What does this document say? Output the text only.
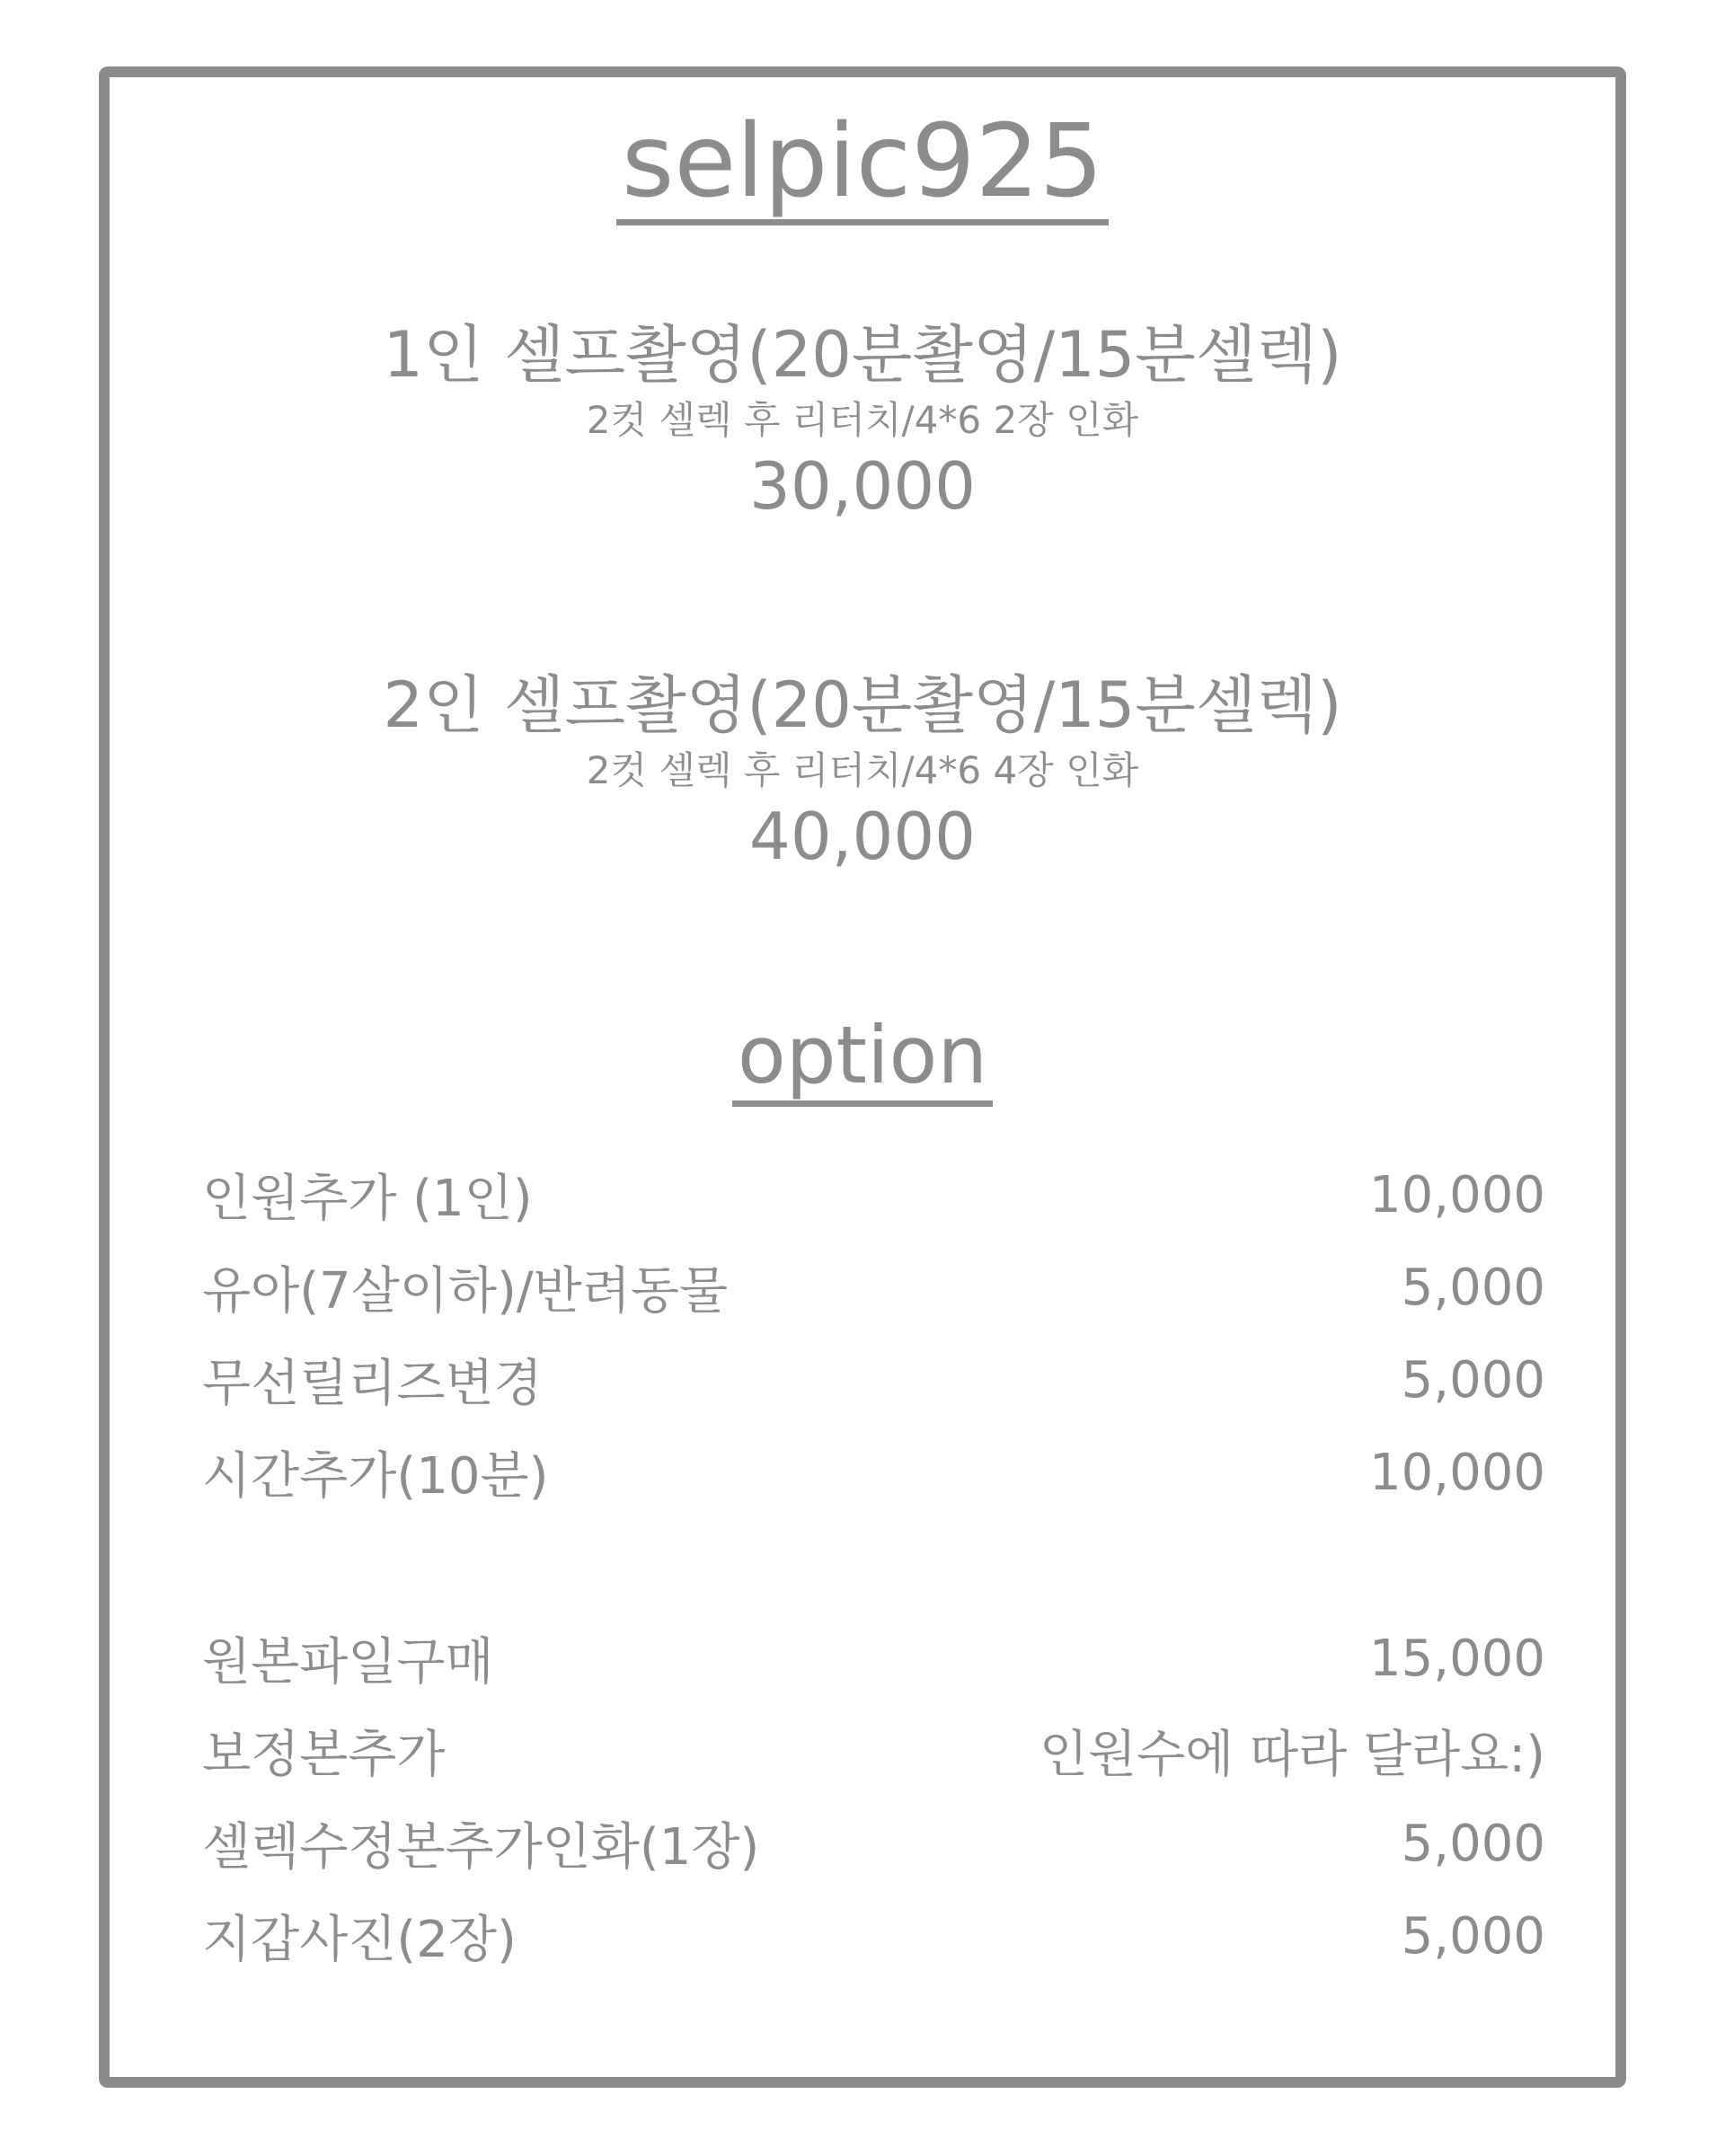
selpic925
1인 셀프촬영(20분촬영/15분셀렉)
2컷 셀렉 후 리터치/4*6 2장 인화
30,000
2인 셀프촬영(20분촬영/15분셀렉)
2컷 셀렉 후 리터치/4*6 4장 인화
40,000
option
인원추가 (1인)	10,000
유아(7살이하)/반려동물	5,000
무선릴리즈변경	5,000
시간추가(10분)	10,000
원본파일구매	15,000
보정본추가	인원수에 따라 달라요:)
셀렉수정본추가인화(1장)	5,000
지갑사진(2장)	5,000
